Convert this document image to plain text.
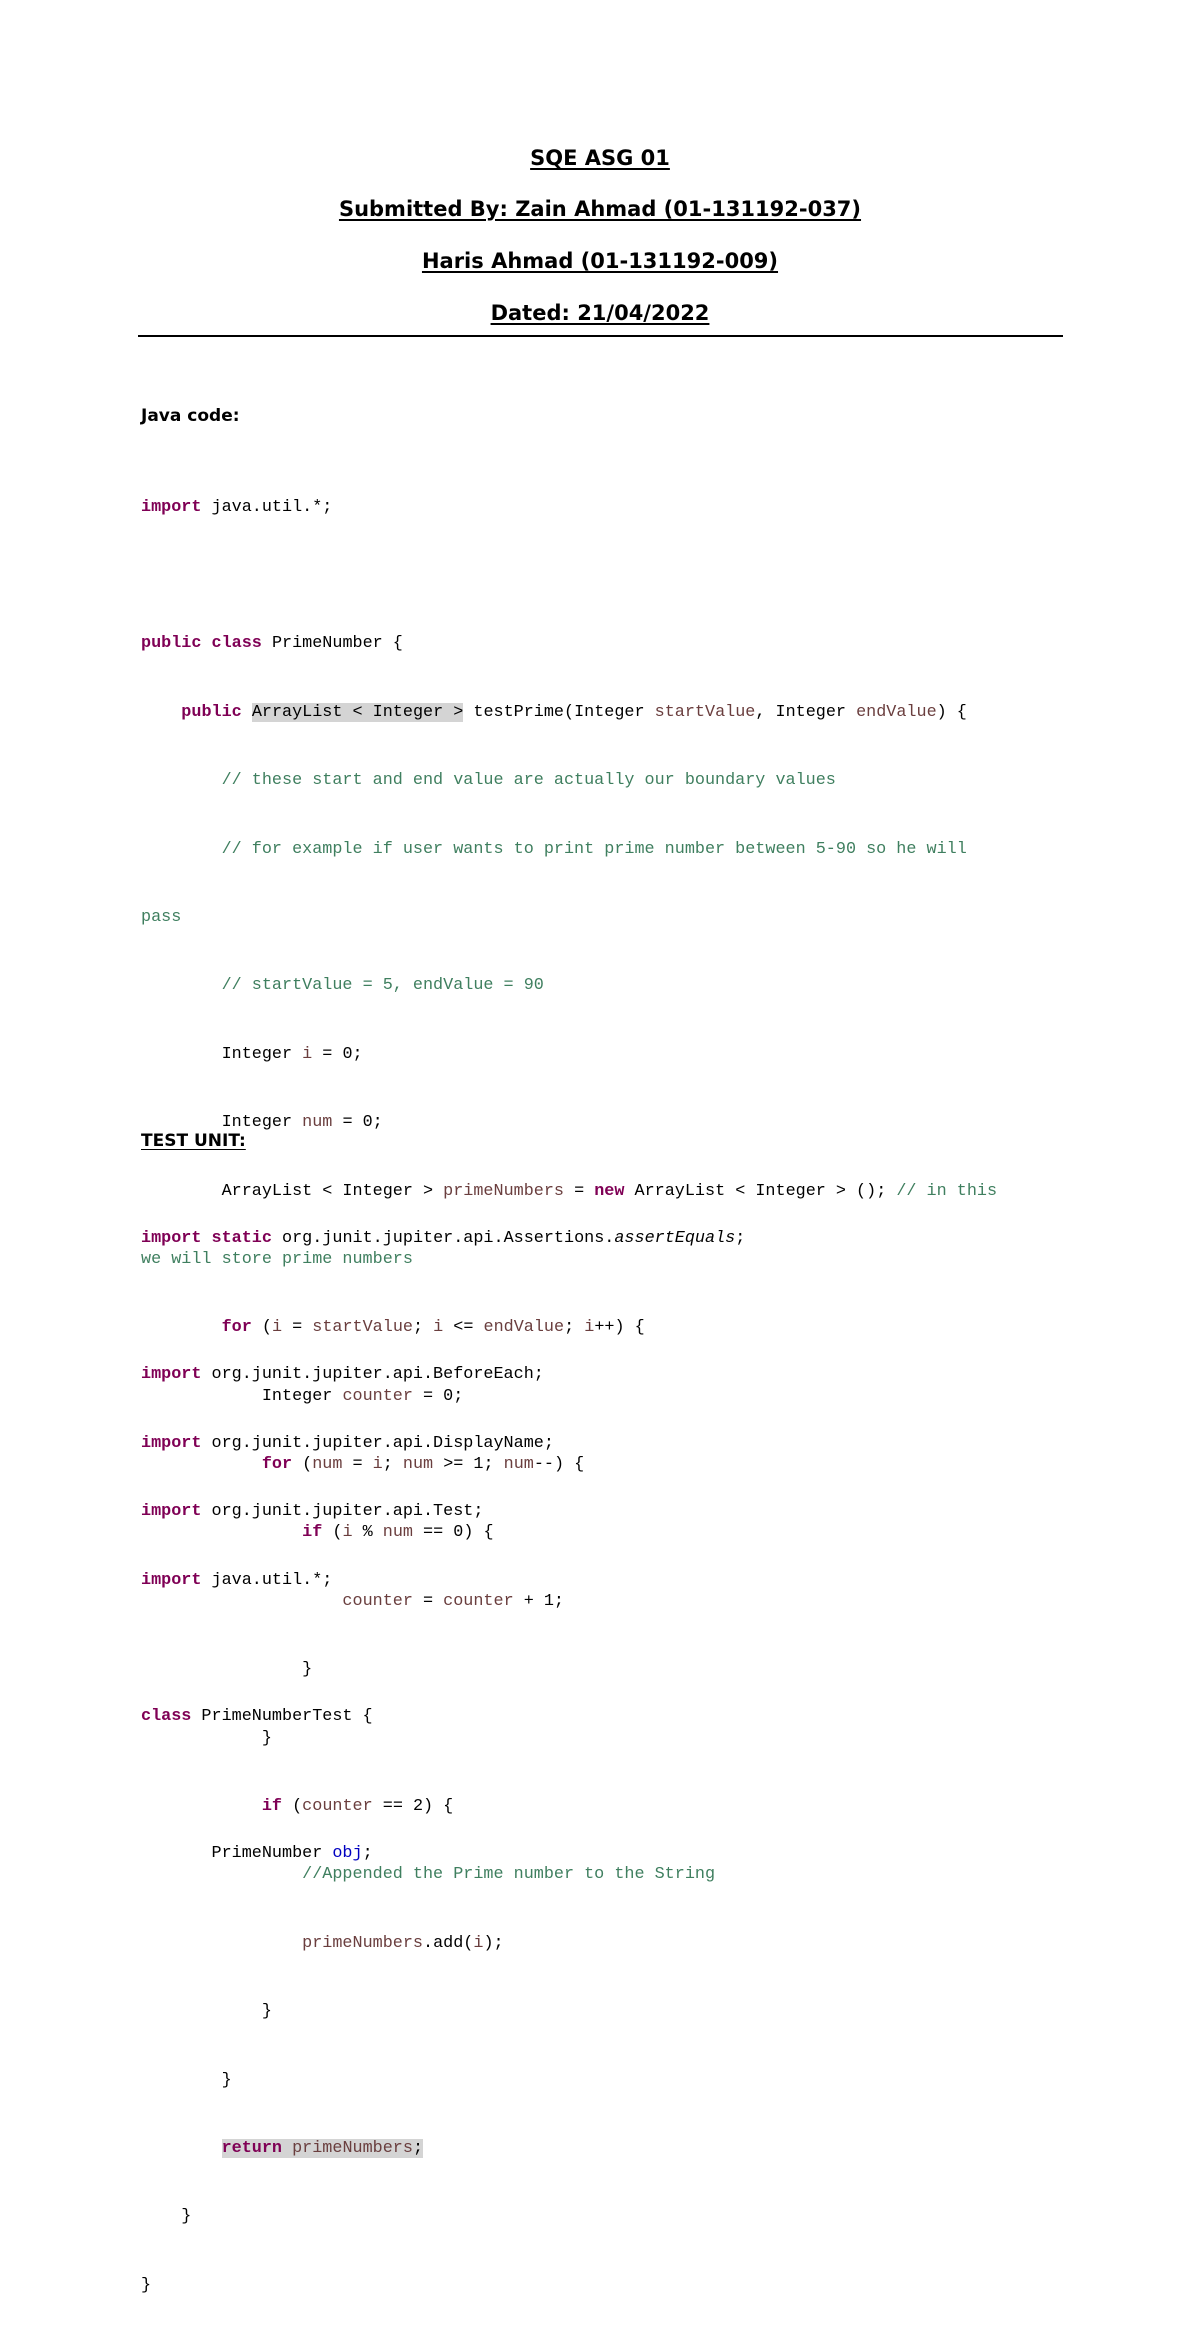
SQE ASG 01
Submitted By: Zain Ahmad (01-131192-037)
Haris Ahmad (01-131192-009)
Dated: 21/04/2022
Java code:

import java.util.*;

public class PrimeNumber {

public ArrayList < Integer > testPrime(Integer startValue, Integer endValue) {

// these start and end value are actually our boundary values

// for example if user wants to print prime number between 5-90 so he will

pass

// startValue = 5, endValue = 90

Integer i = 0;

Integer num = 0;

ArrayList < Integer > primeNumbers = new ArrayList < Integer > (); // in this

we will store prime numbers

for (i = startValue; i <= endValue; i++) {

Integer counter = 0;

for (num = i; num >= 1; num--) {

if (i % num == 0) {

counter = counter + 1;

}

}

if (counter == 2) {

//Appended the Prime number to the String

primeNumbers.add(i);

}

}

return primeNumbers;

}

}

TEST UNIT:

import static org.junit.jupiter.api.Assertions.assertEquals;

import org.junit.jupiter.api.BeforeEach;

import org.junit.jupiter.api.DisplayName;

import org.junit.jupiter.api.Test;

import java.util.*;

class PrimeNumberTest {

PrimeNumber obj;
